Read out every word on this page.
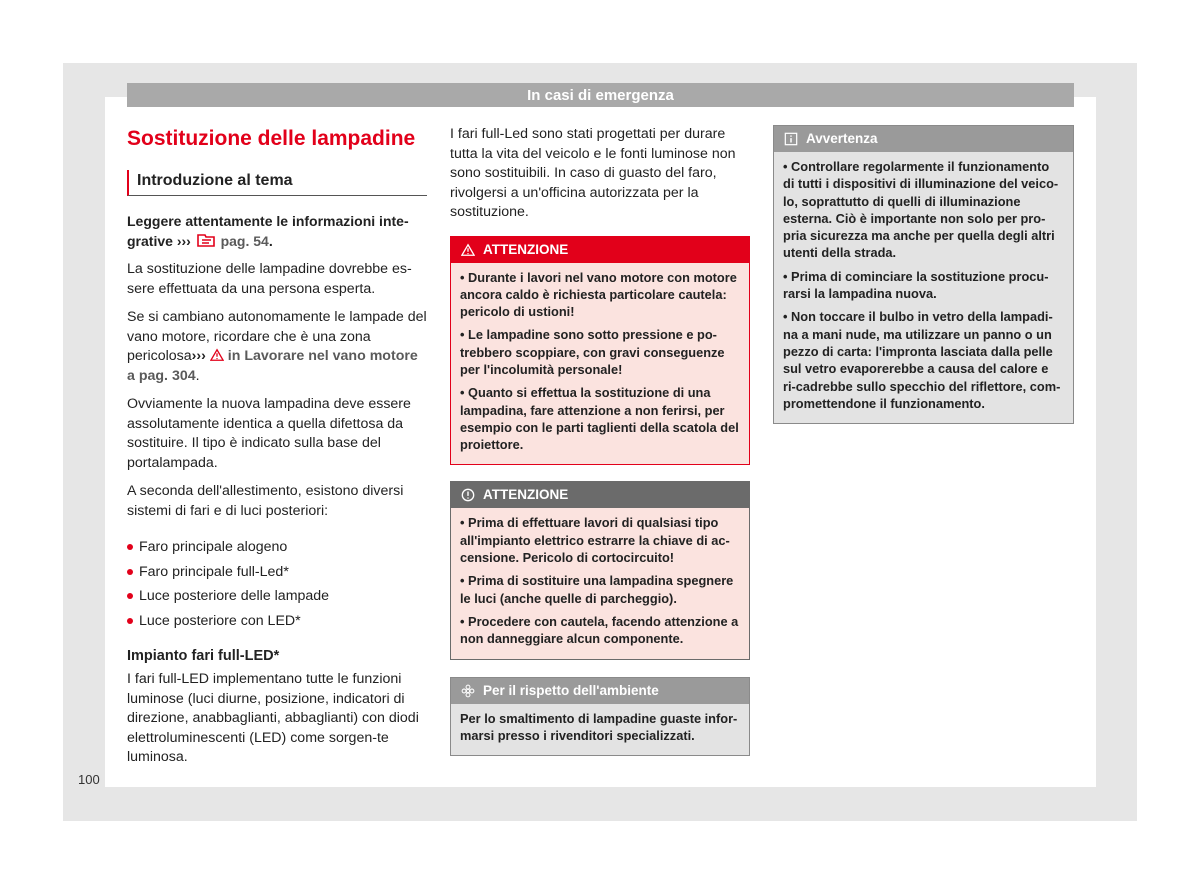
In casi di emergenza
Sostituzione delle lampadine
Introduzione al tema

Leggere attentamente le informazioni inte-grative ››› pag. 54.

La sostituzione delle lampadine dovrebbe es-sere effettuata da una persona esperta.

Se si cambiano autonomamente le lampade del vano motore, ricordare che è una zona pericolosa››› in Lavorare nel vano motore a pag. 304.

Ovviamente la nuova lampadina deve essere assolutamente identica a quella difettosa da sostituire. Il tipo è indicato sulla base del portalampada.

A seconda dell'allestimento, esistono diversi sistemi di fari e di luci posteriori:

Faro principale alogeno
Faro principale full-Led*
Luce posteriore delle lampade
Luce posteriore con LED*
Impianto fari full-LED*

I fari full-LED implementano tutte le funzioni luminose (luci diurne, posizione, indicatori di direzione, anabbaglianti, abbaglianti) con diodi elettroluminescenti (LED) come sorgen-te luminosa.

I fari full-Led sono stati progettati per durare tutta la vita del veicolo e le fonti luminose non sono sostituibili. In caso di guasto del faro, rivolgersi a un'officina autorizzata per la sostituzione.

ATTENZIONE

• Durante i lavori nel vano motore con motore ancora caldo è richiesta particolare cautela: pericolo di ustioni!

• Le lampadine sono sotto pressione e po-trebbero scoppiare, con gravi conseguenze per l'incolumità personale!

• Quanto si effettua la sostituzione di una lampadina, fare attenzione a non ferirsi, per esempio con le parti taglienti della scatola del proiettore.

ATTENZIONE

• Prima di effettuare lavori di qualsiasi tipo all'impianto elettrico estrarre la chiave di ac-censione. Pericolo di cortocircuito!

• Prima di sostituire una lampadina spegnere le luci (anche quelle di parcheggio).

• Procedere con cautela, facendo attenzione a non danneggiare alcun componente.

Per il rispetto dell'ambiente

Per lo smaltimento di lampadine guaste infor-marsi presso i rivenditori specializzati.

Avvertenza

• Controllare regolarmente il funzionamento di tutti i dispositivi di illuminazione del veico-lo, soprattutto di quelli di illuminazione esterna. Ciò è importante non solo per pro-pria sicurezza ma anche per quella degli altri utenti della strada.

• Prima di cominciare la sostituzione procu-rarsi la lampadina nuova.

• Non toccare il bulbo in vetro della lampadi-na a mani nude, ma utilizzare un panno o un pezzo di carta: l'impronta lasciata dalla pelle sul vetro evaporerebbe a causa del calore e ri-cadrebbe sullo specchio del riflettore, com-promettendone il funzionamento.

100
